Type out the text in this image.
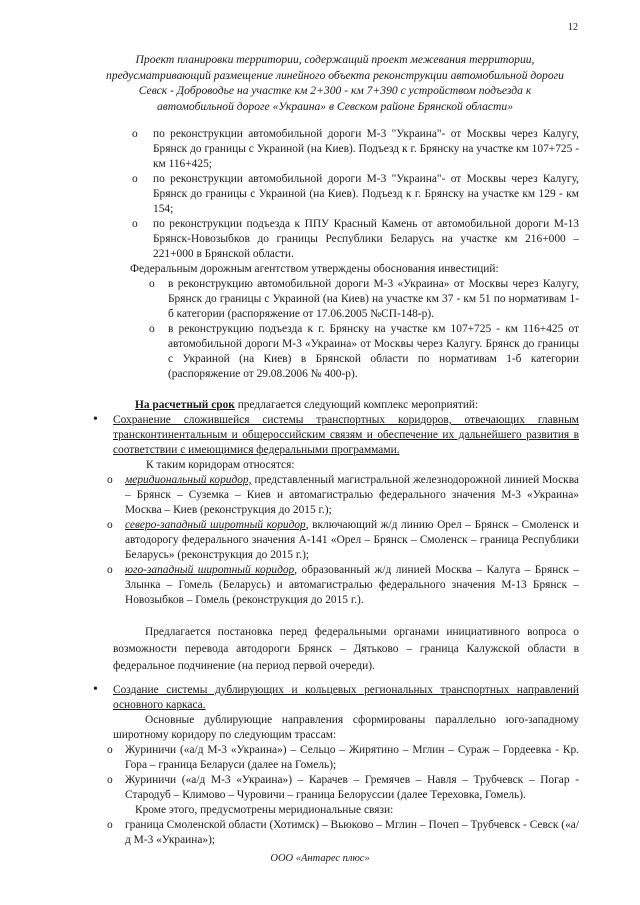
12
Проект планировки территории, содержащий проект межевания территории, предусматривающий размещение линейного объекта реконструкции автомобильной дороги Севск - Доброводье на участке км 2+300 - км 7+390 с устройством подъезда к автомобильной дороге «Украина» в Севском районе Брянской области»
o по реконструкции автомобильной дороги М-3 "Украина"- от Москвы через Калугу, Брянск до границы с Украиной (на Киев). Подъезд к г. Брянску на участке км 107+725 - км 116+425;
o по реконструкции автомобильной дороги М-3 "Украина"- от Москвы через Калугу, Брянск до границы с Украиной (на Киев). Подъезд к г. Брянску на участке км 129 - км 154;
o по реконструкции подъезда к ППУ Красный Камень от автомобильной дороги М-13 Брянск-Новозыбков до границы Республики Беларусь на участке км 216+000 – 221+000 в Брянской области.
Федеральным дорожным агентством утверждены обоснования инвестиций:
o в реконструкцию автомобильной дороги М-3 «Украина» от Москвы через Калугу, Брянск до границы с Украиной (на Киев) на участке км 37 - км 51 по нормативам 1-б категории (распоряжение от 17.06.2005 №СП-148-р).
o в реконструкцию подъезда к г. Брянску на участке км 107+725 - км 116+425 от автомобильной дороги М-3 «Украина» от Москвы через Калугу. Брянск до границы с Украиной (на Киев) в Брянской области по нормативам 1-б категории (распоряжение от 29.08.2006 № 400-р).
На расчетный срок предлагается следующий комплекс мероприятий:
• Сохранение сложившейся системы транспортных коридоров, отвечающих главным трансконтинентальным и общероссийским связям и обеспечение их дальнейшего развития в соответствии с имеющимися федеральными программами.
К таким коридорам относятся:
o меридиональный коридор, представленный магистральной железнодорожной линией Москва – Брянск – Суземка – Киев и автомагистралью федерального значения М-3 «Украина» Москва – Киев (реконструкция до 2015 г.);
o северо-западный широтный коридор, включающий ж/д линию Орел – Брянск – Смоленск и автодорогу федерального значения А-141 «Орел – Брянск – Смоленск – граница Республики Беларусь» (реконструкция до 2015 г.);
o юго-западный широтный коридор, образованный ж/д линией Москва – Калуга – Брянск – Злынка – Гомель (Беларусь) и автомагистралью федерального значения М-13 Брянск – Новозыбков – Гомель (реконструкция до 2015 г.).
Предлагается постановка перед федеральными органами инициативного вопроса о возможности перевода автодороги Брянск – Дятьково – граница Калужской области в федеральное подчинение (на период первой очереди).
• Создание системы дублирующих и кольцевых региональных транспортных направлений основного каркаса.
Основные дублирующие направления сформированы параллельно юго-западному широтному коридору по следующим трассам:
o Журиничи («а/д М-3 «Украина») – Сельцо – Жирятино – Мглин – Сураж – Гордеевка - Кр. Гора – граница Беларуси (далее на Гомель);
o Журиничи («а/д М-3 «Украина») – Карачев – Гремячев – Навля – Трубчевск – Погар - Стародуб – Климово – Чуровичи – граница Белоруссии (далее Тереховка, Гомель).
Кроме этого, предусмотрены меридиональные связи:
o граница Смоленской области (Хотимск) – Вьюково – Мглин – Почеп – Трубчевск - Севск («а/д М-3 «Украина»);
ООО «Антарес плюс»
